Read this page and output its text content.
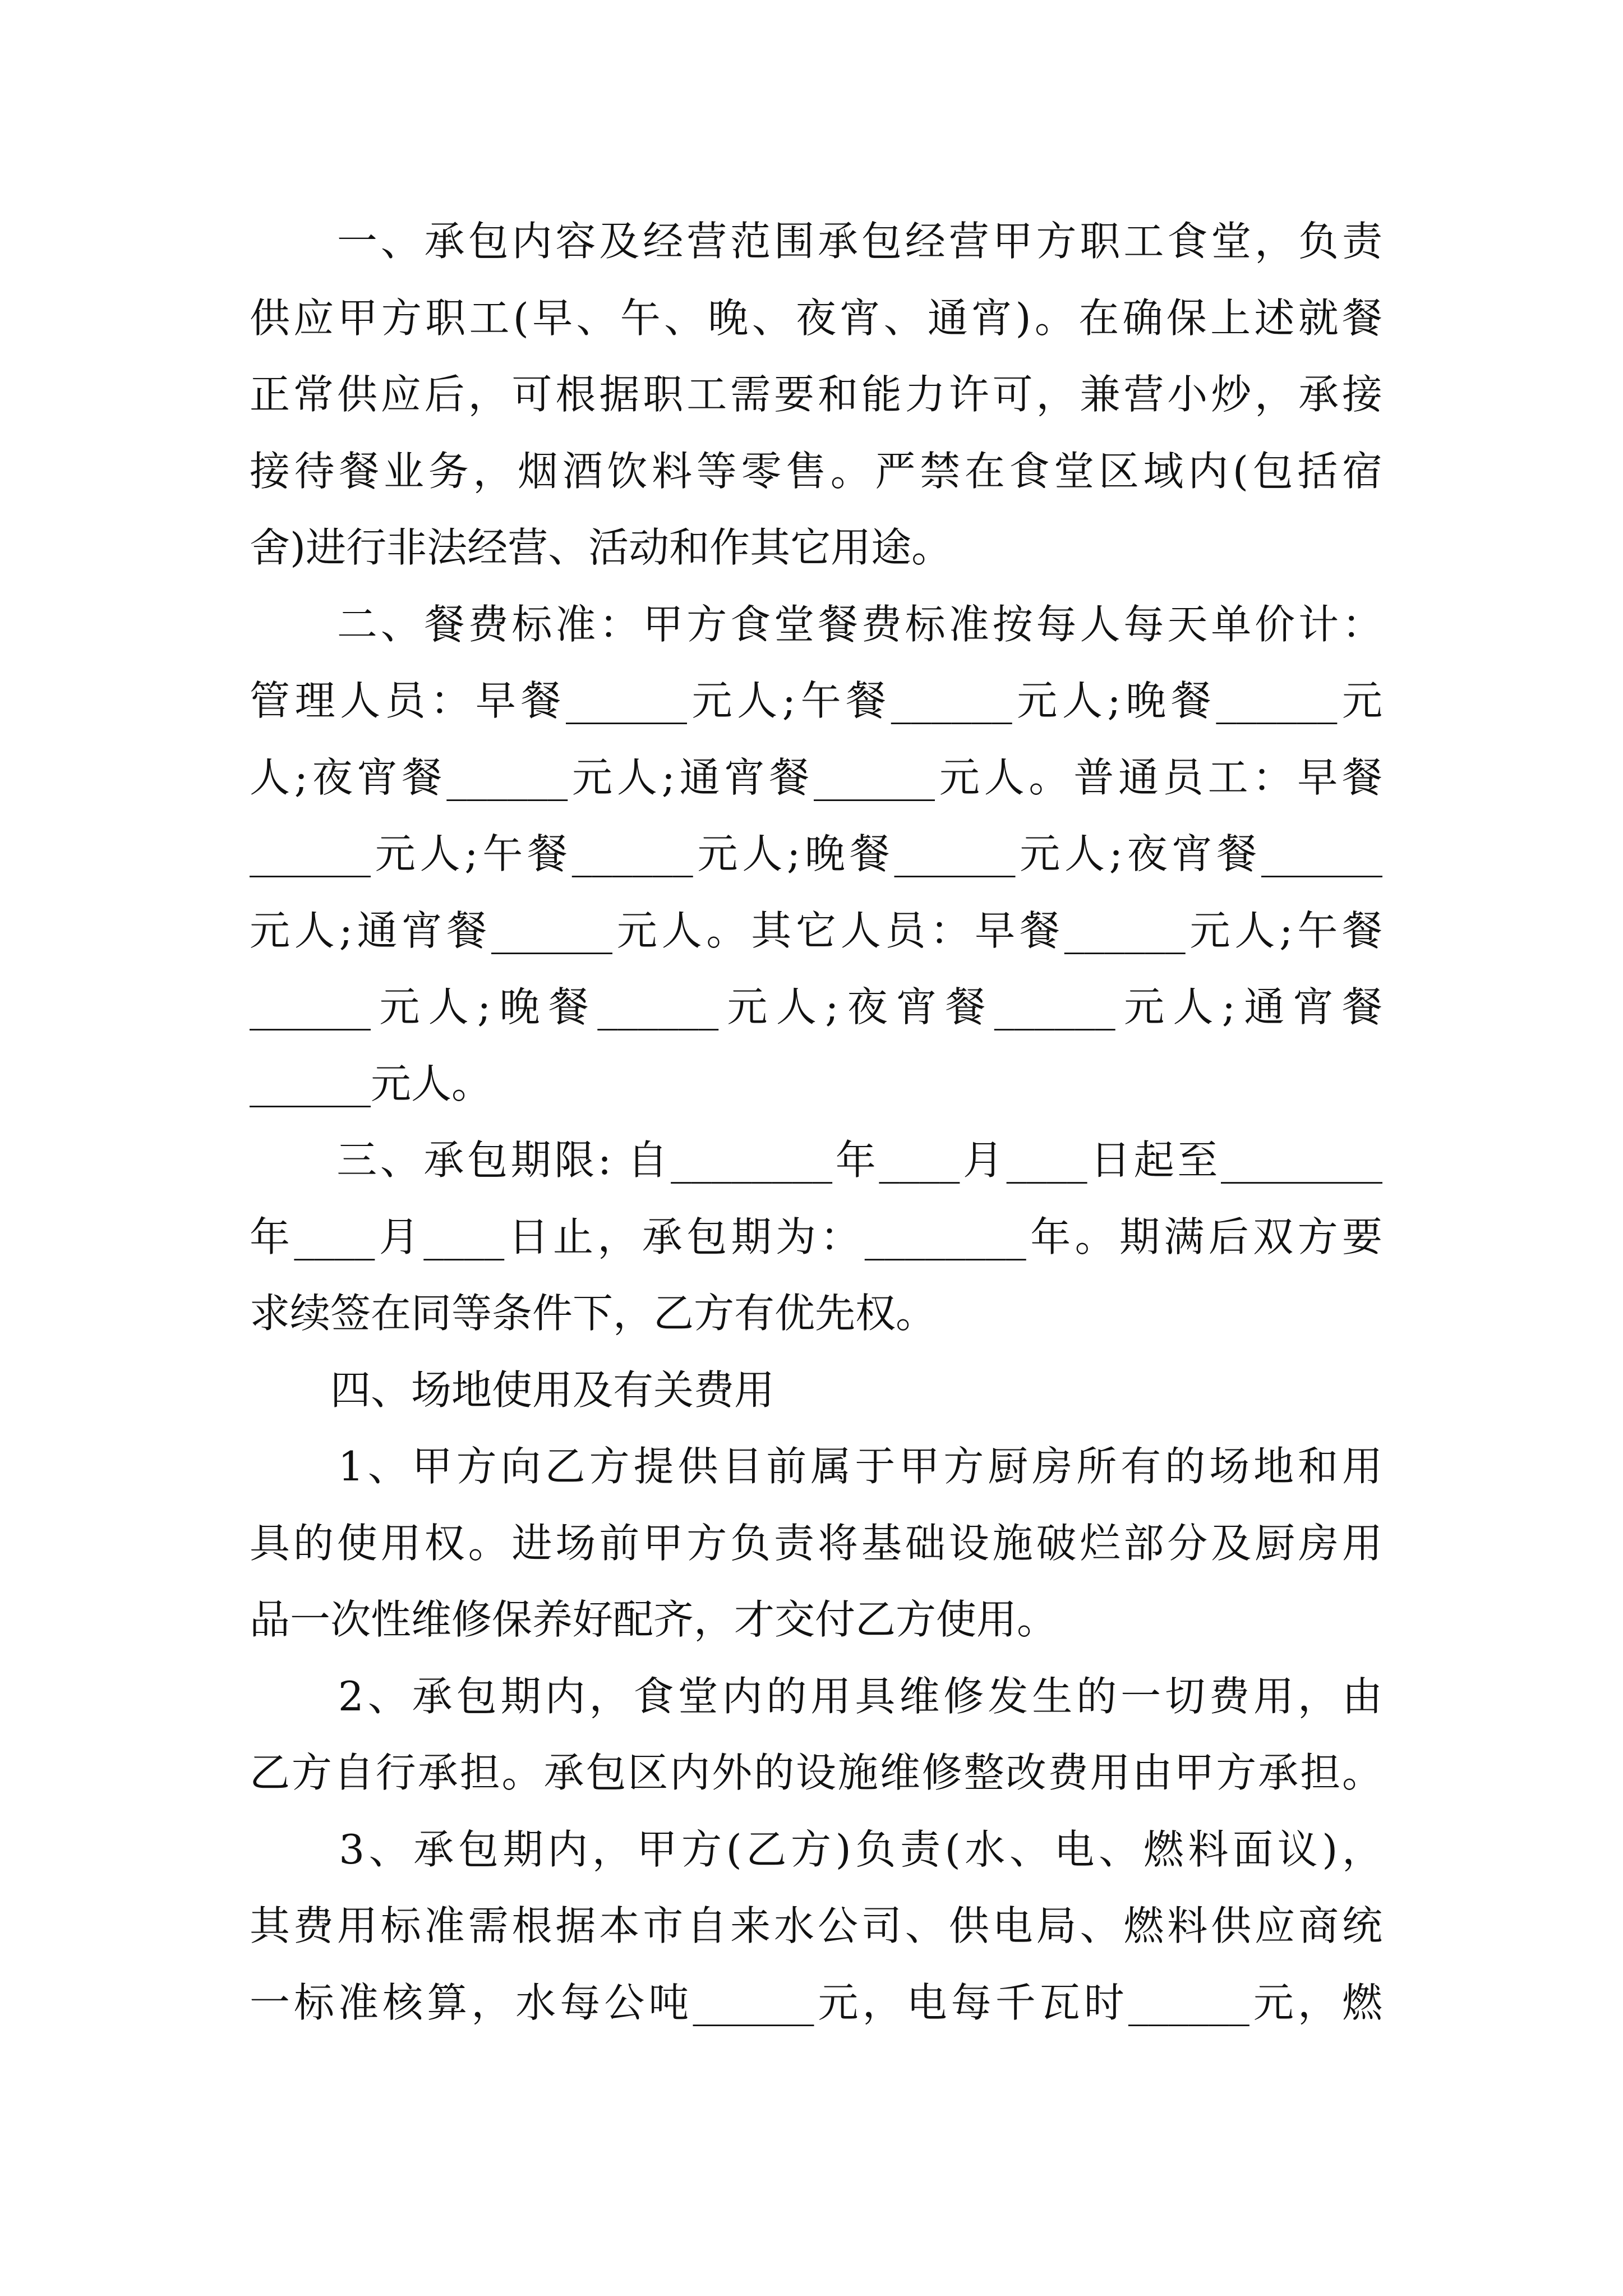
　　一、承包内容及经营范围承包经营甲方职工食堂，负责
供应甲方职工(早、午、晚、夜宵、通宵)。在确保上述就餐
正常供应后，可根据职工需要和能力许可，兼营小炒，承接
接待餐业务，烟酒饮料等零售。严禁在食堂区域内(包括宿
舍)进行非法经营、活动和作其它用途。
　　二、餐费标准：甲方食堂餐费标准按每人每天单价计：
管理人员：早餐______元人;午餐______元人;晚餐______元
人;夜宵餐______元人;通宵餐______元人。普通员工：早餐
______元人;午餐______元人;晚餐______元人;夜宵餐______
元人;通宵餐______元人。其它人员：早餐______元人;午餐
______元人;晚餐______元人;夜宵餐______元人;通宵餐
______元人。
　　三、承包期限: 自________年____月____日起至________
年____月____日止，承包期为：________年。期满后双方要
求续签在同等条件下，乙方有优先权。
　　四、场地使用及有关费用
　　1、甲方向乙方提供目前属于甲方厨房所有的场地和用
具的使用权。进场前甲方负责将基础设施破烂部分及厨房用
品一次性维修保养好配齐，才交付乙方使用。
　　2、承包期内，食堂内的用具维修发生的一切费用，由
乙方自行承担。承包区内外的设施维修整改费用由甲方承担。
　　3、承包期内，甲方(乙方)负责(水、电、燃料面议)，
其费用标准需根据本市自来水公司、供电局、燃料供应商统
一标准核算，水每公吨______元，电每千瓦时______元，燃
